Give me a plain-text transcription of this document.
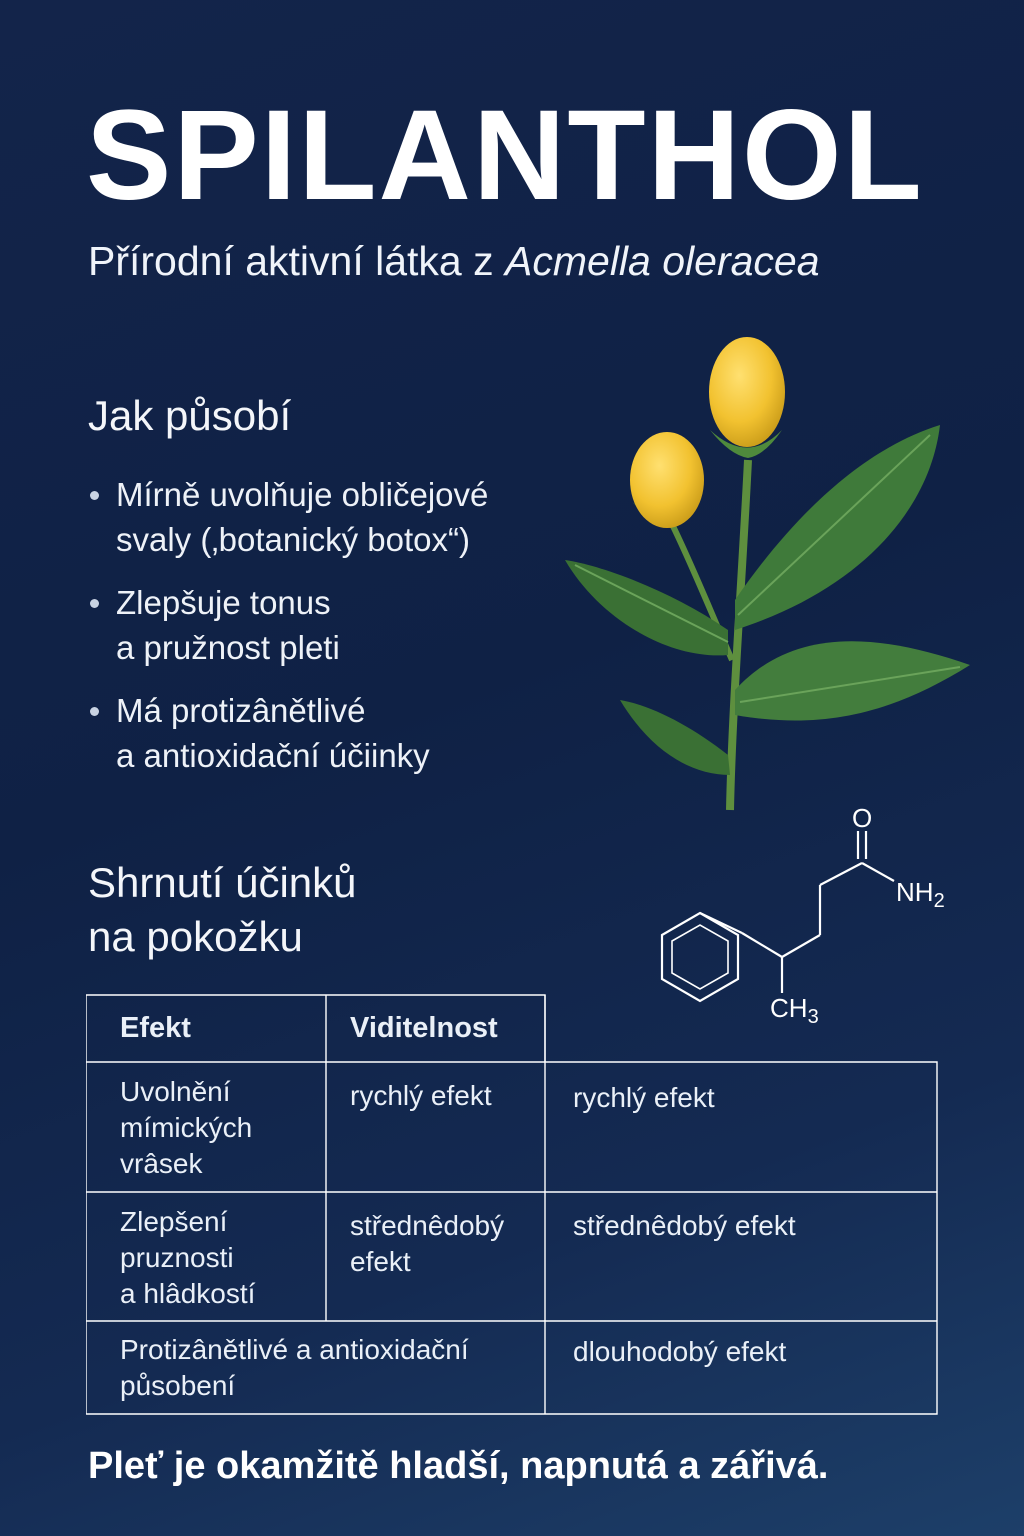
SPILANTHOL
Přírodní aktivní látka z Acmella oleracea
Jak působí
Mírně uvolňuje obličejové
svaly (‚botanický botox“)
Zlepšuje tonus
a pružnost pleti
Má protizânětlivé
a antioxidační účiinky
O
$NH_2$
$CH_3$
Shrnutí účinků
na pokožku
Efekt	Viditelnost
Uvolnění
mímických
vrâsek
rychlý efekt	rychlý efekt
Zlepšení
pruznosti
a hlâdkostí
střednêdobý
efekt
střednêdobý efekt
Protizânětlivé a antioxidační
působení
dlouhodobý efekt
Pleť je okamžitě hladší, napnutá a zářivá.
